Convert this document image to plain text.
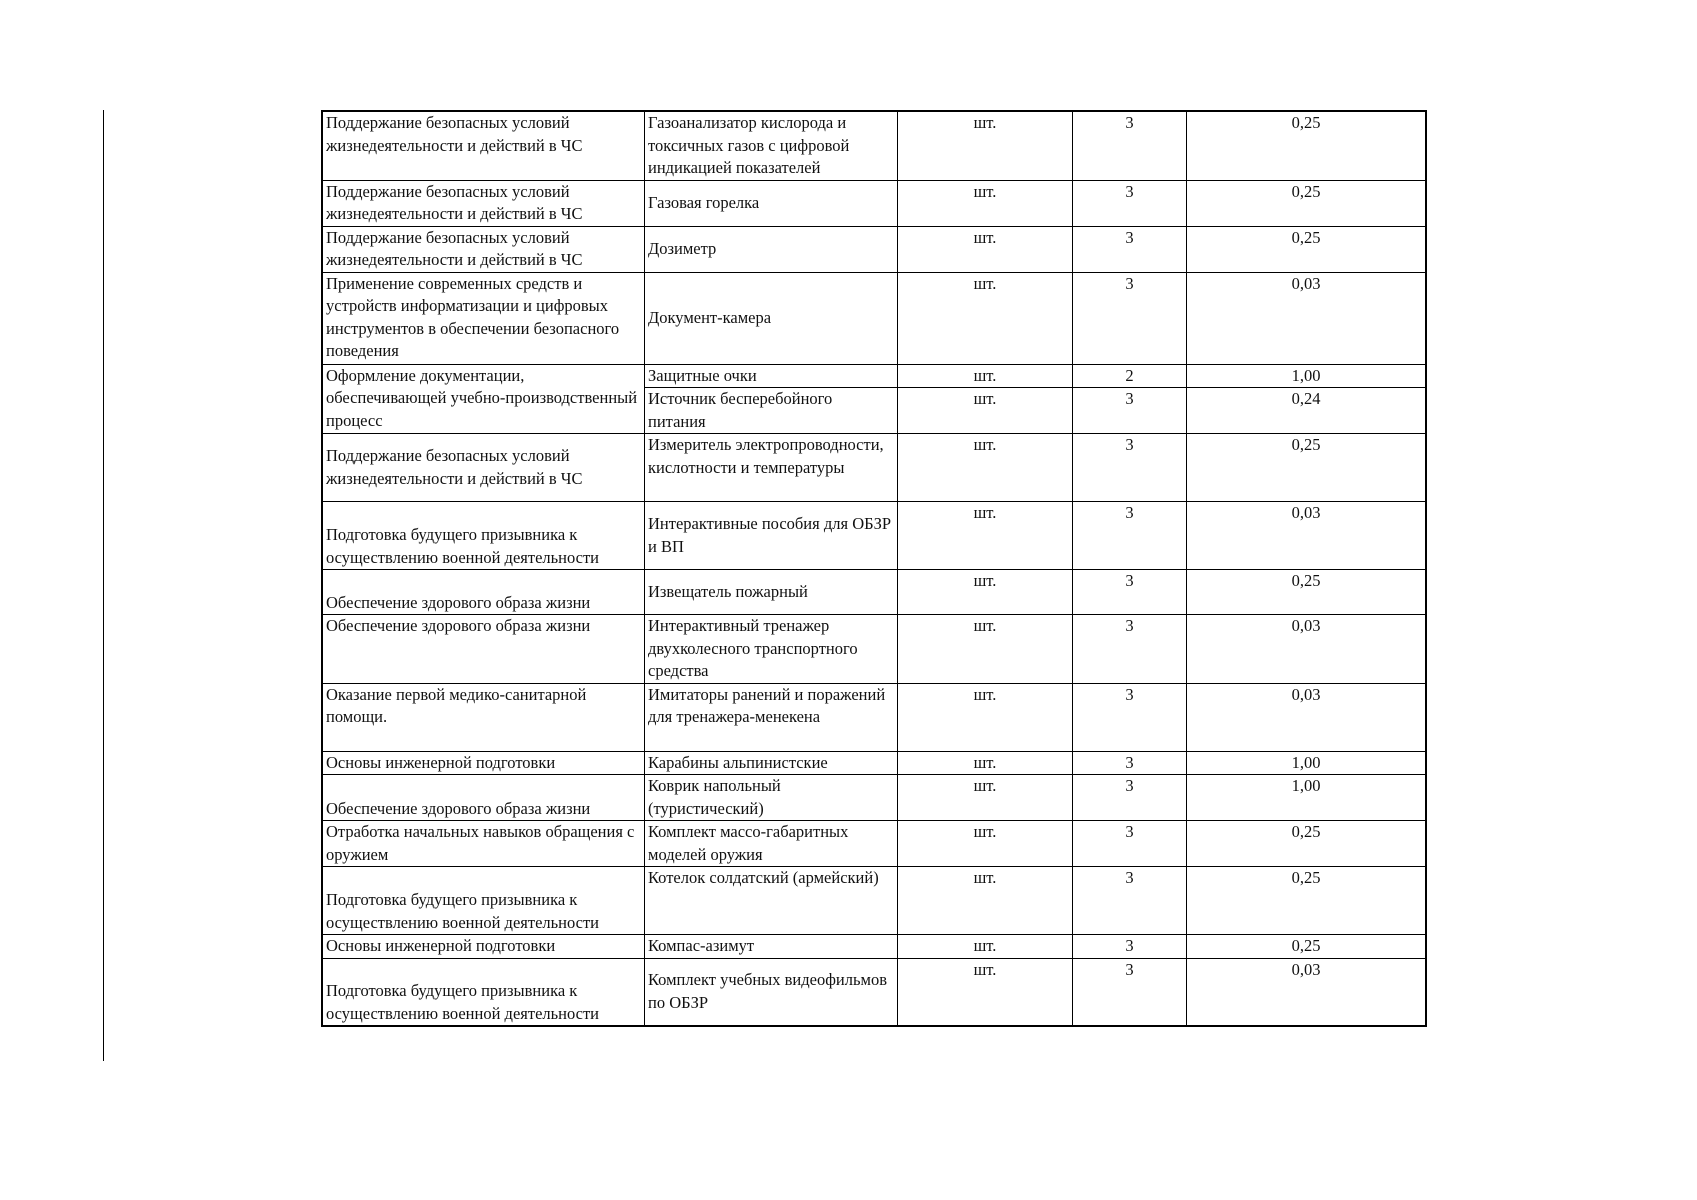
Поддержание безопасных условий жизнедеятельности и действий в ЧС	Газоанализатор кислорода и токсичных газов с цифровой индикацией показателей	шт.	3	0,25
Поддержание безопасных условий жизнедеятельности и действий в ЧС	Газовая горелка	шт.	3	0,25
Поддержание безопасных условий жизнедеятельности и действий в ЧС	Дозиметр	шт.	3	0,25
Применение современных средств и устройств информатизации и цифровых инструментов в обеспечении безопасного поведения	Документ-камера	шт.	3	0,03
Оформление документации, обеспечивающей учебно-производственный процесс	Защитные очки	шт.	2	1,00
	Источник бесперебойного питания	шт.	3	0,24
Поддержание безопасных условий жизнедеятельности и действий в ЧС	Измеритель электропроводности, кислотности и температуры	шт.	3	0,25
Подготовка будущего призывника к осуществлению военной деятельности	Интерактивные пособия для ОБЗР и ВП	шт.	3	0,03
Обеспечение здорового образа жизни	Извещатель пожарный	шт.	3	0,25
Обеспечение здорового образа жизни	Интерактивный тренажер двухколесного транспортного средства	шт.	3	0,03
Оказание первой медико-санитарной помощи.	Имитаторы ранений и поражений для тренажера-менекена	шт.	3	0,03
Основы инженерной подготовки	Карабины альпинистские	шт.	3	1,00
Обеспечение здорового образа жизни	Коврик напольный (туристический)	шт.	3	1,00
Отработка начальных навыков обращения с оружием	Комплект массо-габаритных моделей оружия	шт.	3	0,25
Подготовка будущего призывника к осуществлению военной деятельности	Котелок солдатский (армейский)	шт.	3	0,25
Основы инженерной подготовки	Компас-азимут	шт.	3	0,25
Подготовка будущего призывника к осуществлению военной деятельности	Комплект учебных видеофильмов по ОБЗР	шт.	3	0,03
